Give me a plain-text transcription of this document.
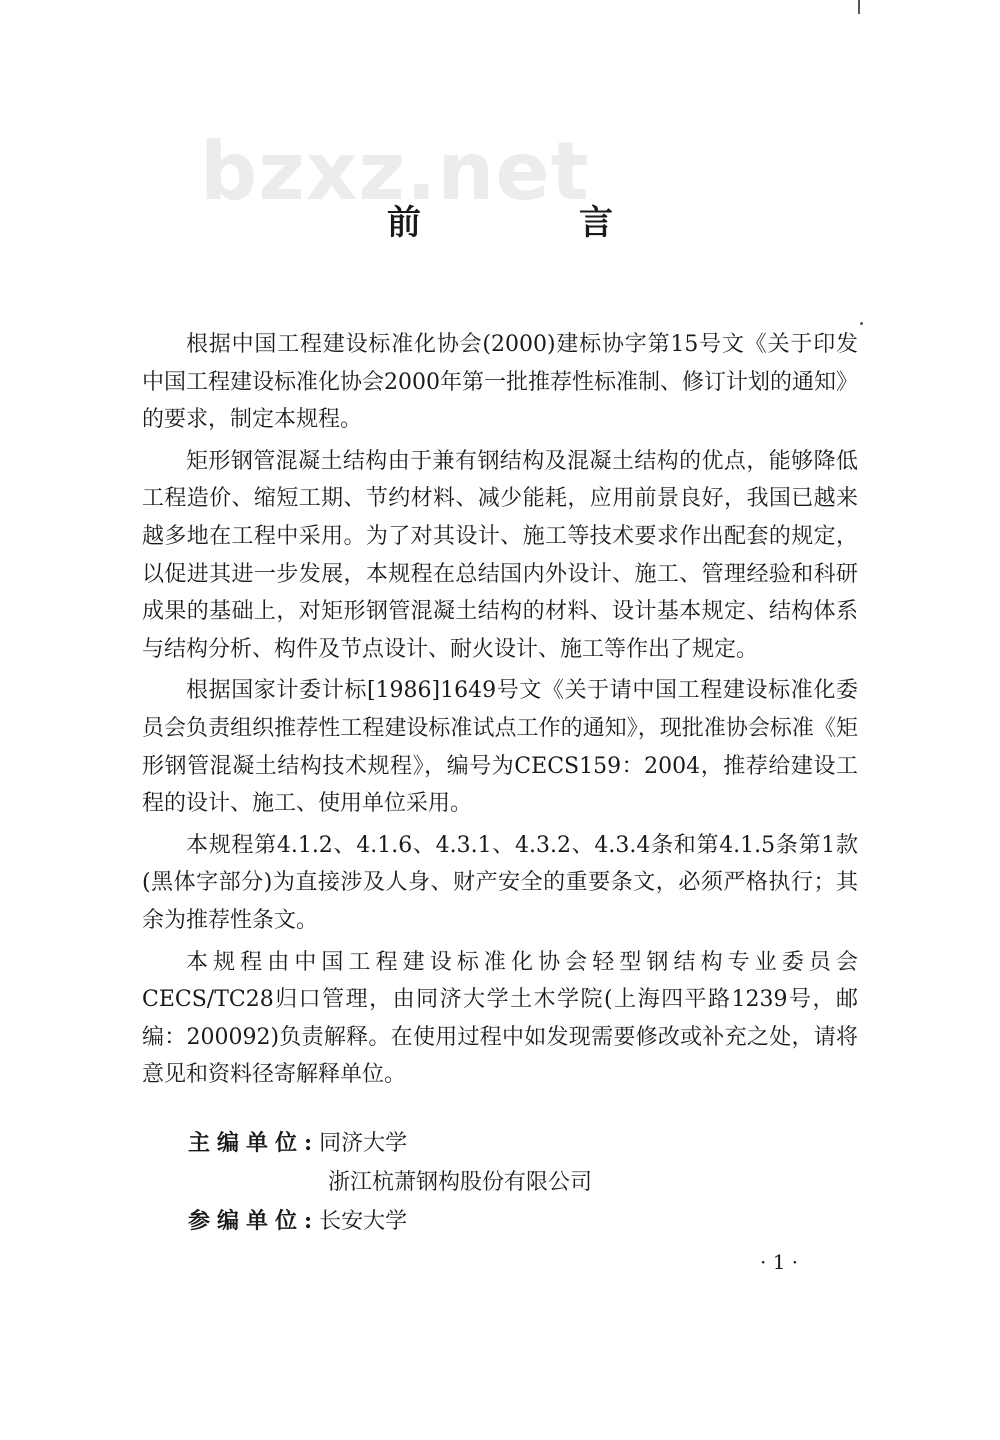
bzxz.net
前　言

根据中国工程建设标准化协会(2000)建标协字第15号文《关于印发中国工程建设标准化协会2000年第一批推荐性标准制、修订计划的通知》的要求，制定本规程。

矩形钢管混凝土结构由于兼有钢结构及混凝土结构的优点，能够降低工程造价、缩短工期、节约材料、减少能耗，应用前景良好，我国已越来越多地在工程中采用。为了对其设计、施工等技术要求作出配套的规定，以促进其进一步发展，本规程在总结国内外设计、施工、管理经验和科研成果的基础上，对矩形钢管混凝土结构的材料、设计基本规定、结构体系与结构分析、构件及节点设计、耐火设计、施工等作出了规定。

根据国家计委计标[1986]1649号文《关于请中国工程建设标准化委员会负责组织推荐性工程建设标准试点工作的通知》，现批准协会标准《矩形钢管混凝土结构技术规程》，编号为CECS159：2004，推荐给建设工程的设计、施工、使用单位采用。

本规程第4.1.2、4.1.6、4.3.1、4.3.2、4.3.4条和第4.1.5条第1款(黑体字部分)为直接涉及人身、财产安全的重要条文，必须严格执行；其余为推荐性条文。

本规程由中国工程建设标准化协会轻型钢结构专业委员会CECS/TC28归口管理，由同济大学土木学院(上海四平路1239号，邮编：200092)负责解释。在使用过程中如发现需要修改或补充之处，请将意见和资料径寄解释单位。

主编单位:同济大学
浙江杭萧钢构股份有限公司
参编单位:长安大学
· 1 ·
